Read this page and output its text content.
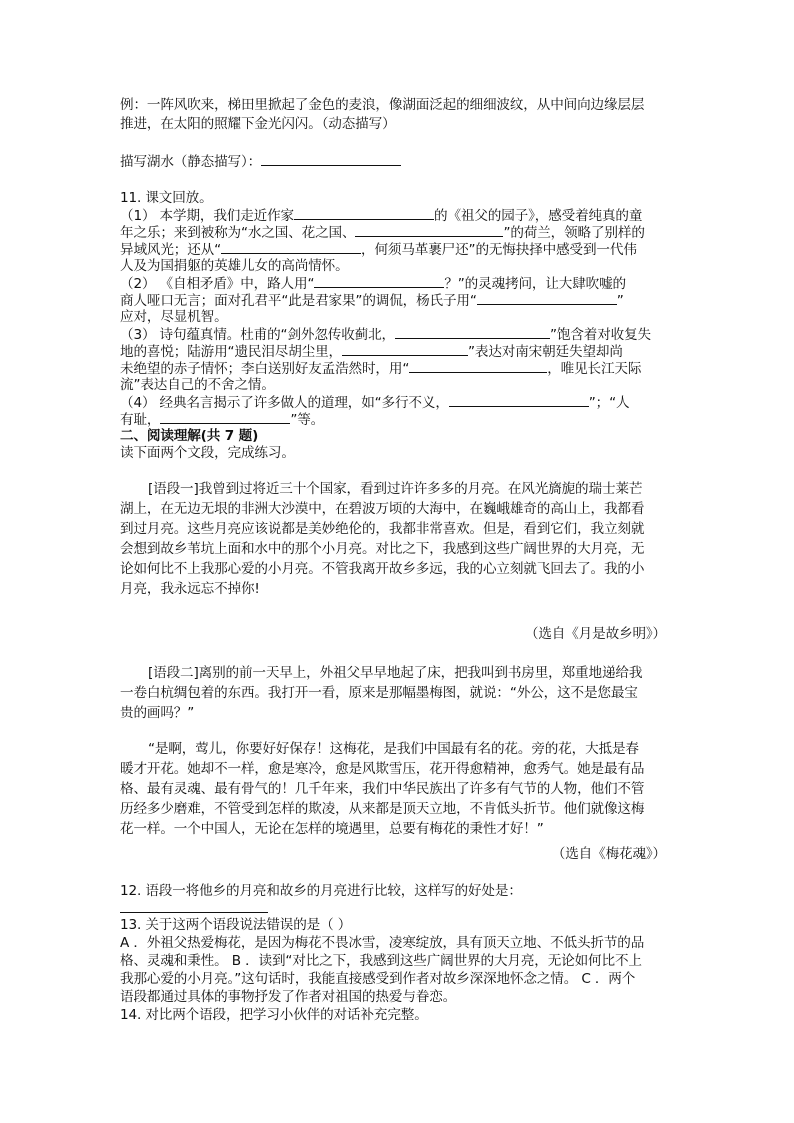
例：一阵风吹来，梯田里掀起了金色的麦浪，像湖面泛起的细细波纹，从中间向边缘层层
推进，在太阳的照耀下金光闪闪。（动态描写）
描写湖水（静态描写）：
11. 课文回放。
（1） 本学期，我们走近作家	的《祖父的园子》，感受着纯真的童
年之乐；来到被称为“水之国、花之国、	”的荷兰，领略了别样的
异域风光；还从“	，何须马革裹尸还”的无悔抉择中感受到一代伟
人及为国捐躯的英雄儿女的高尚情怀。
（2） 《自相矛盾》中，路人用“	？”的灵魂拷问，让大肆吹嘘的
商人哑口无言；面对孔君平“此是君家果”的调侃，杨氏子用“	”
应对，尽显机智。
（3） 诗句蕴真情。杜甫的“剑外忽传收蓟北，	”饱含着对收复失
地的喜悦；陆游用“遗民泪尽胡尘里，	”表达对南宋朝廷失望却尚
未绝望的赤子情怀；李白送别好友孟浩然时，用“	，唯见长江天际
流”表达自己的不舍之情。
（4） 经典名言揭示了许多做人的道理，如“多行不义，	”；“人
有耻，	”等。
二、阅读理解(共 7 题)
读下面两个文段，完成练习。
[语段一]我曾到过将近三十个国家，看到过许许多多的月亮。在风光旖旎的瑞士莱芒
湖上，在无边无垠的非洲大沙漠中，在碧波万顷的大海中，在巍峨雄奇的高山上，我都看
到过月亮。这些月亮应该说都是美妙绝伦的，我都非常喜欢。但是，看到它们，我立刻就
会想到故乡苇坑上面和水中的那个小月亮。对比之下，我感到这些广阔世界的大月亮，无
论如何比不上我那心爱的小月亮。不管我离开故乡多远，我的心立刻就飞回去了。我的小
月亮，我永远忘不掉你!
（选自《月是故乡明》）
[语段二]离别的前一天早上，外祖父早早地起了床，把我叫到书房里，郑重地递给我
一卷白杭绸包着的东西。我打开一看，原来是那幅墨梅图，就说：“外公，这不是您最宝
贵的画吗？”
“是啊，莺儿，你要好好保存！这梅花，是我们中国最有名的花。旁的花，大抵是春
暖才开花。她却不一样，愈是寒冷，愈是风欺雪压，花开得愈精神，愈秀气。她是最有品
格、最有灵魂、最有骨气的！几千年来，我们中华民族出了许多有气节的人物，他们不管
历经多少磨难，不管受到怎样的欺凌，从来都是顶天立地，不肯低头折节。他们就像这梅
花一样。一个中国人，无论在怎样的境遇里，总要有梅花的秉性才好！”
（选自《梅花魂》）
12. 语段一将他乡的月亮和故乡的月亮进行比较，这样写的好处是：
13. 关于这两个语段说法错误的是（ ）
A ．外祖父热爱梅花，是因为梅花不畏冰雪，凌寒绽放，具有顶天立地、不低头折节的品
格、灵魂和秉性。 B ．读到“对比之下，我感到这些广阔世界的大月亮，无论如何比不上
我那心爱的小月亮。”这句话时，我能直接感受到作者对故乡深深地怀念之情。 C ．两个
语段都通过具体的事物抒发了作者对祖国的热爱与眷恋。
14. 对比两个语段，把学习小伙伴的对话补充完整。
